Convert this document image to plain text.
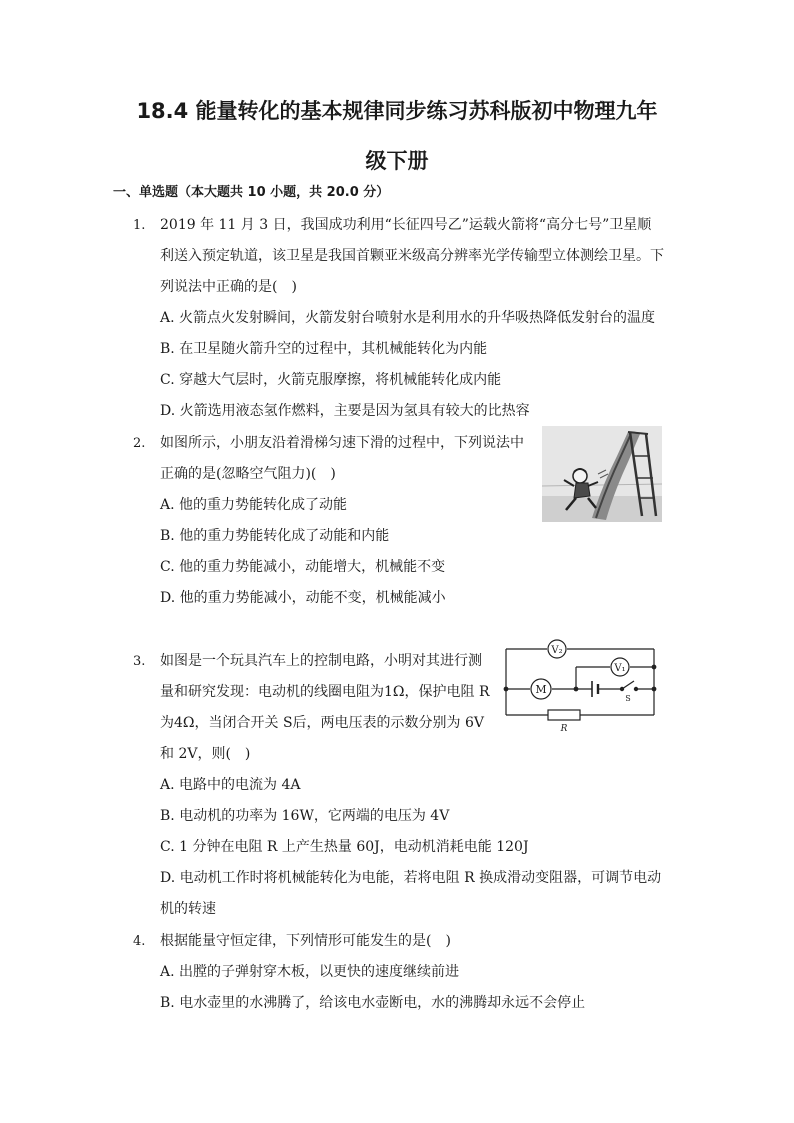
18.4 能量转化的基本规律同步练习苏科版初中物理九年
级下册
一、单选题（本大题共 10 小题，共 20.0 分）
1. 2019 年 11 月 3 日，我国成功利用“长征四号乙”运载火箭将“高分七号”卫星顺
利送入预定轨道，该卫星是我国首颗亚米级高分辨率光学传输型立体测绘卫星。下
列说法中正确的是(　)
A. 火箭点火发射瞬间，火箭发射台喷射水是利用水的升华吸热降低发射台的温度
B. 在卫星随火箭升空的过程中，其机械能转化为内能
C. 穿越大气层时，火箭克服摩擦，将机械能转化成内能
D. 火箭选用液态氢作燃料，主要是因为氢具有较大的比热容
2. 如图所示，小朋友沿着滑梯匀速下滑的过程中，下列说法中
正确的是(忽略空气阻力)(　)
A. 他的重力势能转化成了动能
B. 他的重力势能转化成了动能和内能
C. 他的重力势能减小，动能增大，机械能不变
D. 他的重力势能减小，动能不变，机械能减小
3. 如图是一个玩具汽车上的控制电路，小明对其进行测
量和研究发现：电动机的线圈电阻为1Ω，保护电阻 R
为4Ω，当闭合开关 S后，两电压表的示数分别为 6V
和 2V，则(　)
A. 电路中的电流为 4A
B. 电动机的功率为 16W，它两端的电压为 4V
C. 1 分钟在电阻 R 上产生热量 60J，电动机消耗电能 120J
D. 电动机工作时将机械能转化为电能，若将电阻 R 换成滑动变阻器，可调节电动
机的转速
V₂
V₁
M
S
R
4. 根据能量守恒定律，下列情形可能发生的是(　)
A. 出膛的子弹射穿木板，以更快的速度继续前进
B. 电水壶里的水沸腾了，给该电水壶断电，水的沸腾却永远不会停止
